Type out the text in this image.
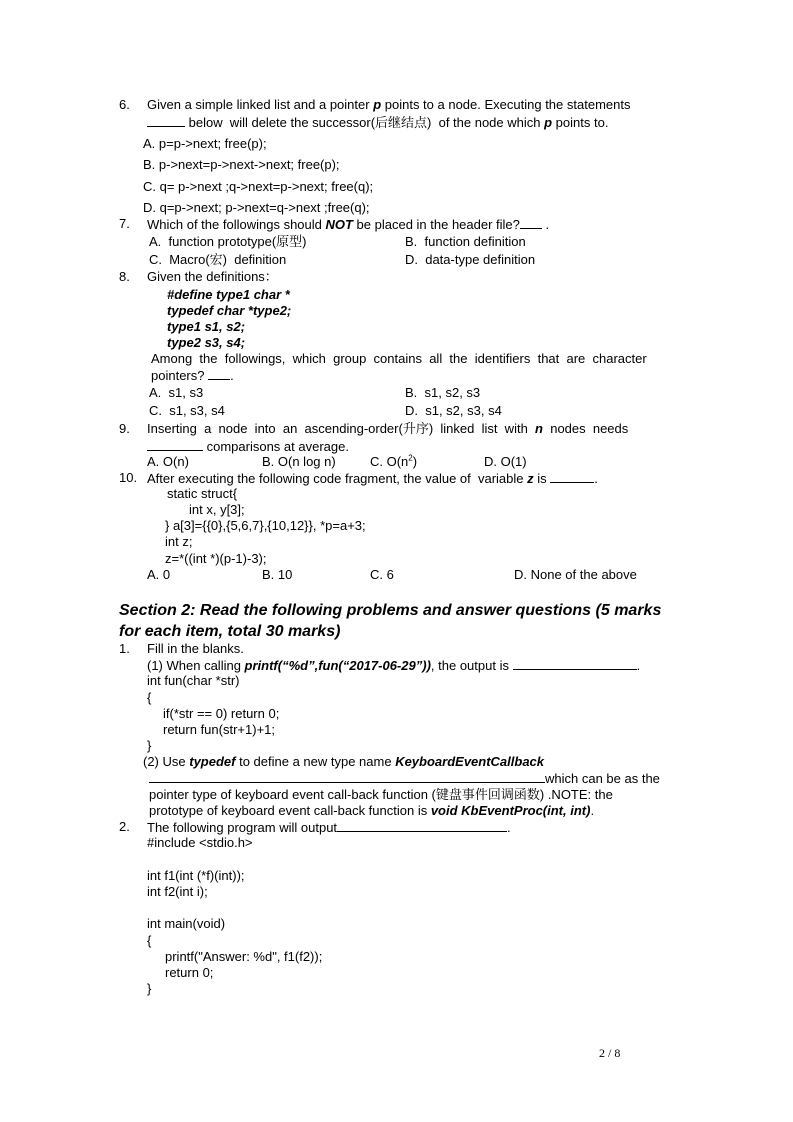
6. Given a simple linked list and a pointer p points to a node. Executing the statements
below  will delete the successor(后继结点)  of the node which p points to.
A. p=p->next; free(p);
B. p->next=p->next->next; free(p);
C. q= p->next ;q->next=p->next; free(q);
D. q=p->next; p->next=q->next ;free(q);
7. Which of the followings should NOT be placed in the header file? .
A.  function prototype(原型)	B.  function definition
C.  Macro(宏)  definition	D.  data-type definition
8. Given the definitions：
#define type1 char *
typedef char *type2;
type1 s1, s2;
type2 s3, s4;
Among  the  followings,  which  group  contains  all  the  identifiers  that  are  character
pointers? .
A.  s1, s3	B.  s1, s2, s3
C.  s1, s3, s4	D.  s1, s2, s3, s4
9. Inserting  a  node  into  an  ascending-order(升序)  linked  list  with  n  nodes  needs
comparisons at average.
A. O(n)	B. O(n log n)	C. $O(n^2)$	D. O(1)
10. After executing the following code fragment, the value of  variable z is	.
static struct{
int x, y[3];
} a[3]={{0},{5,6,7},{10,12}}, *p=a+3;
int z;
z=*((int *)(p-1)-3);
A. 0	B. 10	C. 6	D. None of the above
Section 2: Read the following problems and answer questions (5 marks
for each item, total 30 marks)
1. Fill in the blanks.
(1) When calling printf(“%d”,fun(“2017-06-29”)), the output is	.
int fun(char *str)
{
if(*str == 0) return 0;
return fun(str+1)+1;
}
(2) Use typedef to define a new type name KeyboardEventCallback
which can be as the
pointer type of keyboard event call-back function (键盘事件回调函数) .NOTE: the
prototype of keyboard event call-back function is void KbEventProc(int, int).
2. The following program will output	.
#include <stdio.h>
int f1(int (*f)(int));
int f2(int i);
int main(void)
{
printf("Answer: %d", f1(f2));
return 0;
}
2 / 8
